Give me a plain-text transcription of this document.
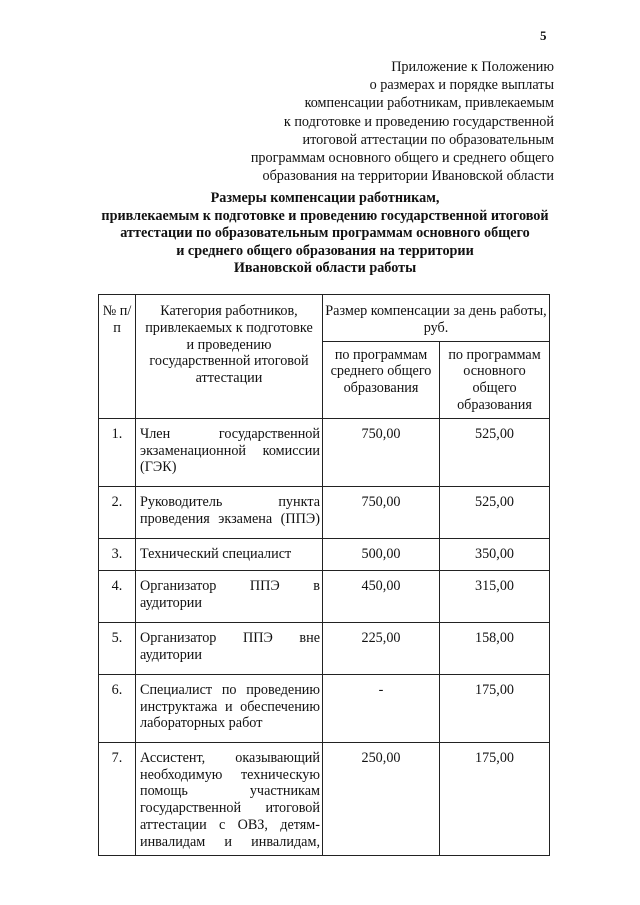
5
Приложение к Положению
о размерах и порядке выплаты
компенсации работникам, привлекаемым
к подготовке и проведению государственной
итоговой аттестации по образовательным
программам основного общего и среднего общего
образования на территории Ивановской области
Размеры компенсации работникам,
привлекаемым к подготовке и проведению государственной итоговой
аттестации по образовательным программам основного общего
и среднего общего образования на территории
Ивановской области работы
№ п/п	Категория работников, привлекаемых к подготовке и проведению государственной итоговой аттестации	Размер компенсации за день работы, руб.	
		по программам среднего общего образования	по программам основного общего образования
1.	Член государственной экзаменационной комиссии (ГЭК)	750,00	525,00
2.	Руководитель пункта проведения экзамена (ППЭ)	750,00	525,00
3.	Технический специалист	500,00	350,00
4.	Организатор ППЭ в аудитории	450,00	315,00
5.	Организатор ППЭ вне аудитории	225,00	158,00
6.	Специалист по проведению инструктажа и обеспечению лабораторных работ	-	175,00
7.	Ассистент, оказывающий необходимую техническую помощь участникам государственной итоговой аттестации с ОВЗ, детям-инвалидам и инвалидам,	250,00	175,00
